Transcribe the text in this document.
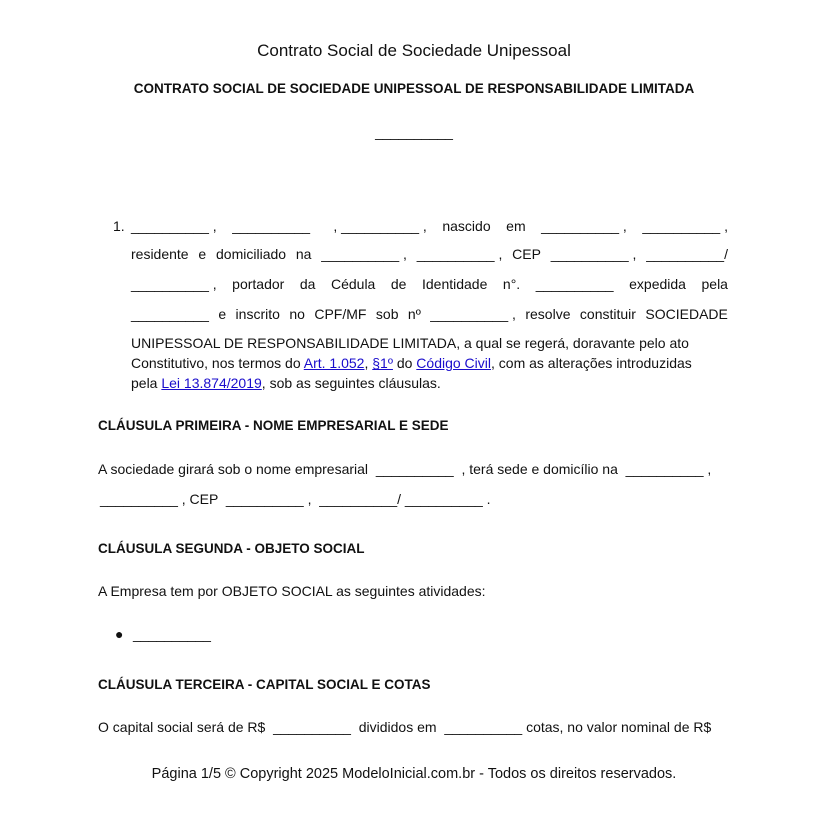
Contrato Social de Sociedade Unipessoal
CONTRATO SOCIAL DE SOCIEDADE UNIPESSOAL DE RESPONSABILIDADE LIMITADA
__________
1. __________ , __________ , __________ , nascido em __________ , __________ ,
residente e domiciliado na __________ , __________ , CEP __________ , __________/
__________ , portador da Cédula de Identidade n°. __________ expedida pela
__________ e inscrito no CPF/MF sob nº __________ , resolve constituir SOCIEDADE
UNIPESSOAL DE RESPONSABILIDADE LIMITADA, a qual se regerá, doravante pelo ato
Constitutivo, nos termos do Art. 1.052, §1º do Código Civil, com as alterações introduzidas
pela Lei 13.874/2019, sob as seguintes cláusulas.
CLÁUSULA PRIMEIRA - NOME EMPRESARIAL E SEDE
A sociedade girará sob o nome empresarial  __________  , terá sede e domicílio na  __________ ,
__________ , CEP  __________ ,  __________/ __________ .
CLÁUSULA SEGUNDA - OBJETO SOCIAL
A Empresa tem por OBJETO SOCIAL as seguintes atividades:
● __________
CLÁUSULA TERCEIRA - CAPITAL SOCIAL E COTAS
O capital social será de R$  __________  divididos em  __________ cotas, no valor nominal de R$
Página 1/5 © Copyright 2025 ModeloInicial.com.br - Todos os direitos reservados.
